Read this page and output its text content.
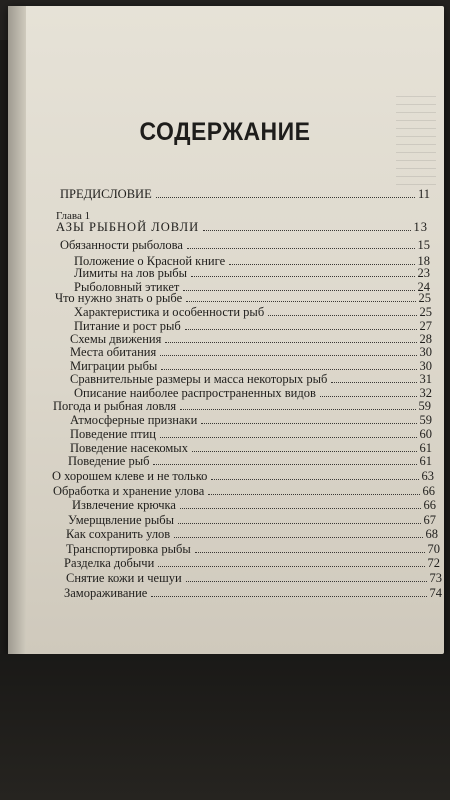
СОДЕРЖАНИЕ
ПРЕДИСЛОВИЕ	11
Глава 1
АЗЫ РЫБНОЙ ЛОВЛИ	13
Обязанности рыболова	15
Положение о Красной книге	18
Лимиты на лов рыбы	23
Рыболовный этикет	24
Что нужно знать о рыбе	25
Характеристика и особенности рыб	25
Питание и рост рыб	27
Схемы движения	28
Места обитания	30
Миграции рыбы	30
Сравнительные размеры и масса некоторых рыб	31
Описание наиболее распространенных видов	32
Погода и рыбная ловля	59
Атмосферные признаки	59
Поведение птиц	60
Поведение насекомых	61
Поведение рыб	61
О хорошем клеве и не только	63
Обработка и хранение улова	66
Извлечение крючка	66
Умерщвление рыбы	67
Как сохранить улов	68
Транспортировка рыбы	70
Разделка добычи	72
Снятие кожи и чешуи	73
Замораживание	74
